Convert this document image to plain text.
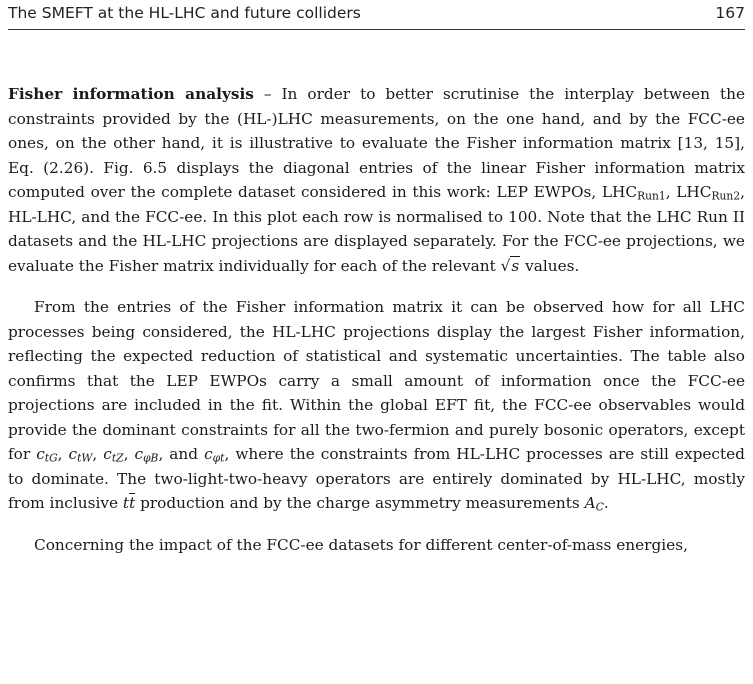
The SMEFT at the HL-LHC and future colliders	167

Fisher information analysis – In order to better scrutinise the interplay between the constraints provided by the (HL-)LHC measurements, on the one hand, and by the FCC-ee ones, on the other hand, it is illustrative to evaluate the Fisher information matrix [13, 15], Eq. (2.26). Fig. 6.5 displays the diagonal entries of the linear Fisher information matrix computed over the complete dataset considered in this work: LEP EWPOs, $LHC_{Run1}$, $LHC_{Run2}$, HL-LHC, and the FCC-ee. In this plot each row is normalised to 100. Note that the LHC Run II datasets and the HL-LHC projections are displayed separately. For the FCC-ee projections, we evaluate the Fisher matrix individually for each of the relevant √s values.

From the entries of the Fisher information matrix it can be observed how for all LHC processes being considered, the HL-LHC projections display the largest Fisher information, reflecting the expected reduction of statistical and systematic uncertainties. The table also confirms that the LEP EWPOs carry a small amount of information once the FCC-ee projections are included in the fit. Within the global EFT fit, the FCC-ee observables would provide the dominant constraints for all the two-fermion and purely bosonic operators, except for $c_{tG}$, $c_{tW}$, $c_{tZ}$, $c_{\varphi B}$, and $c_{\varphi t}$, where the constraints from HL-LHC processes are still expected to dominate. The two-light-two-heavy operators are entirely dominated by HL-LHC, mostly from inclusive $t\overline{t}$ production and by the charge asymmetry measurements $A_C$.

Concerning the impact of the FCC-ee datasets for different center-of-mass energies,
